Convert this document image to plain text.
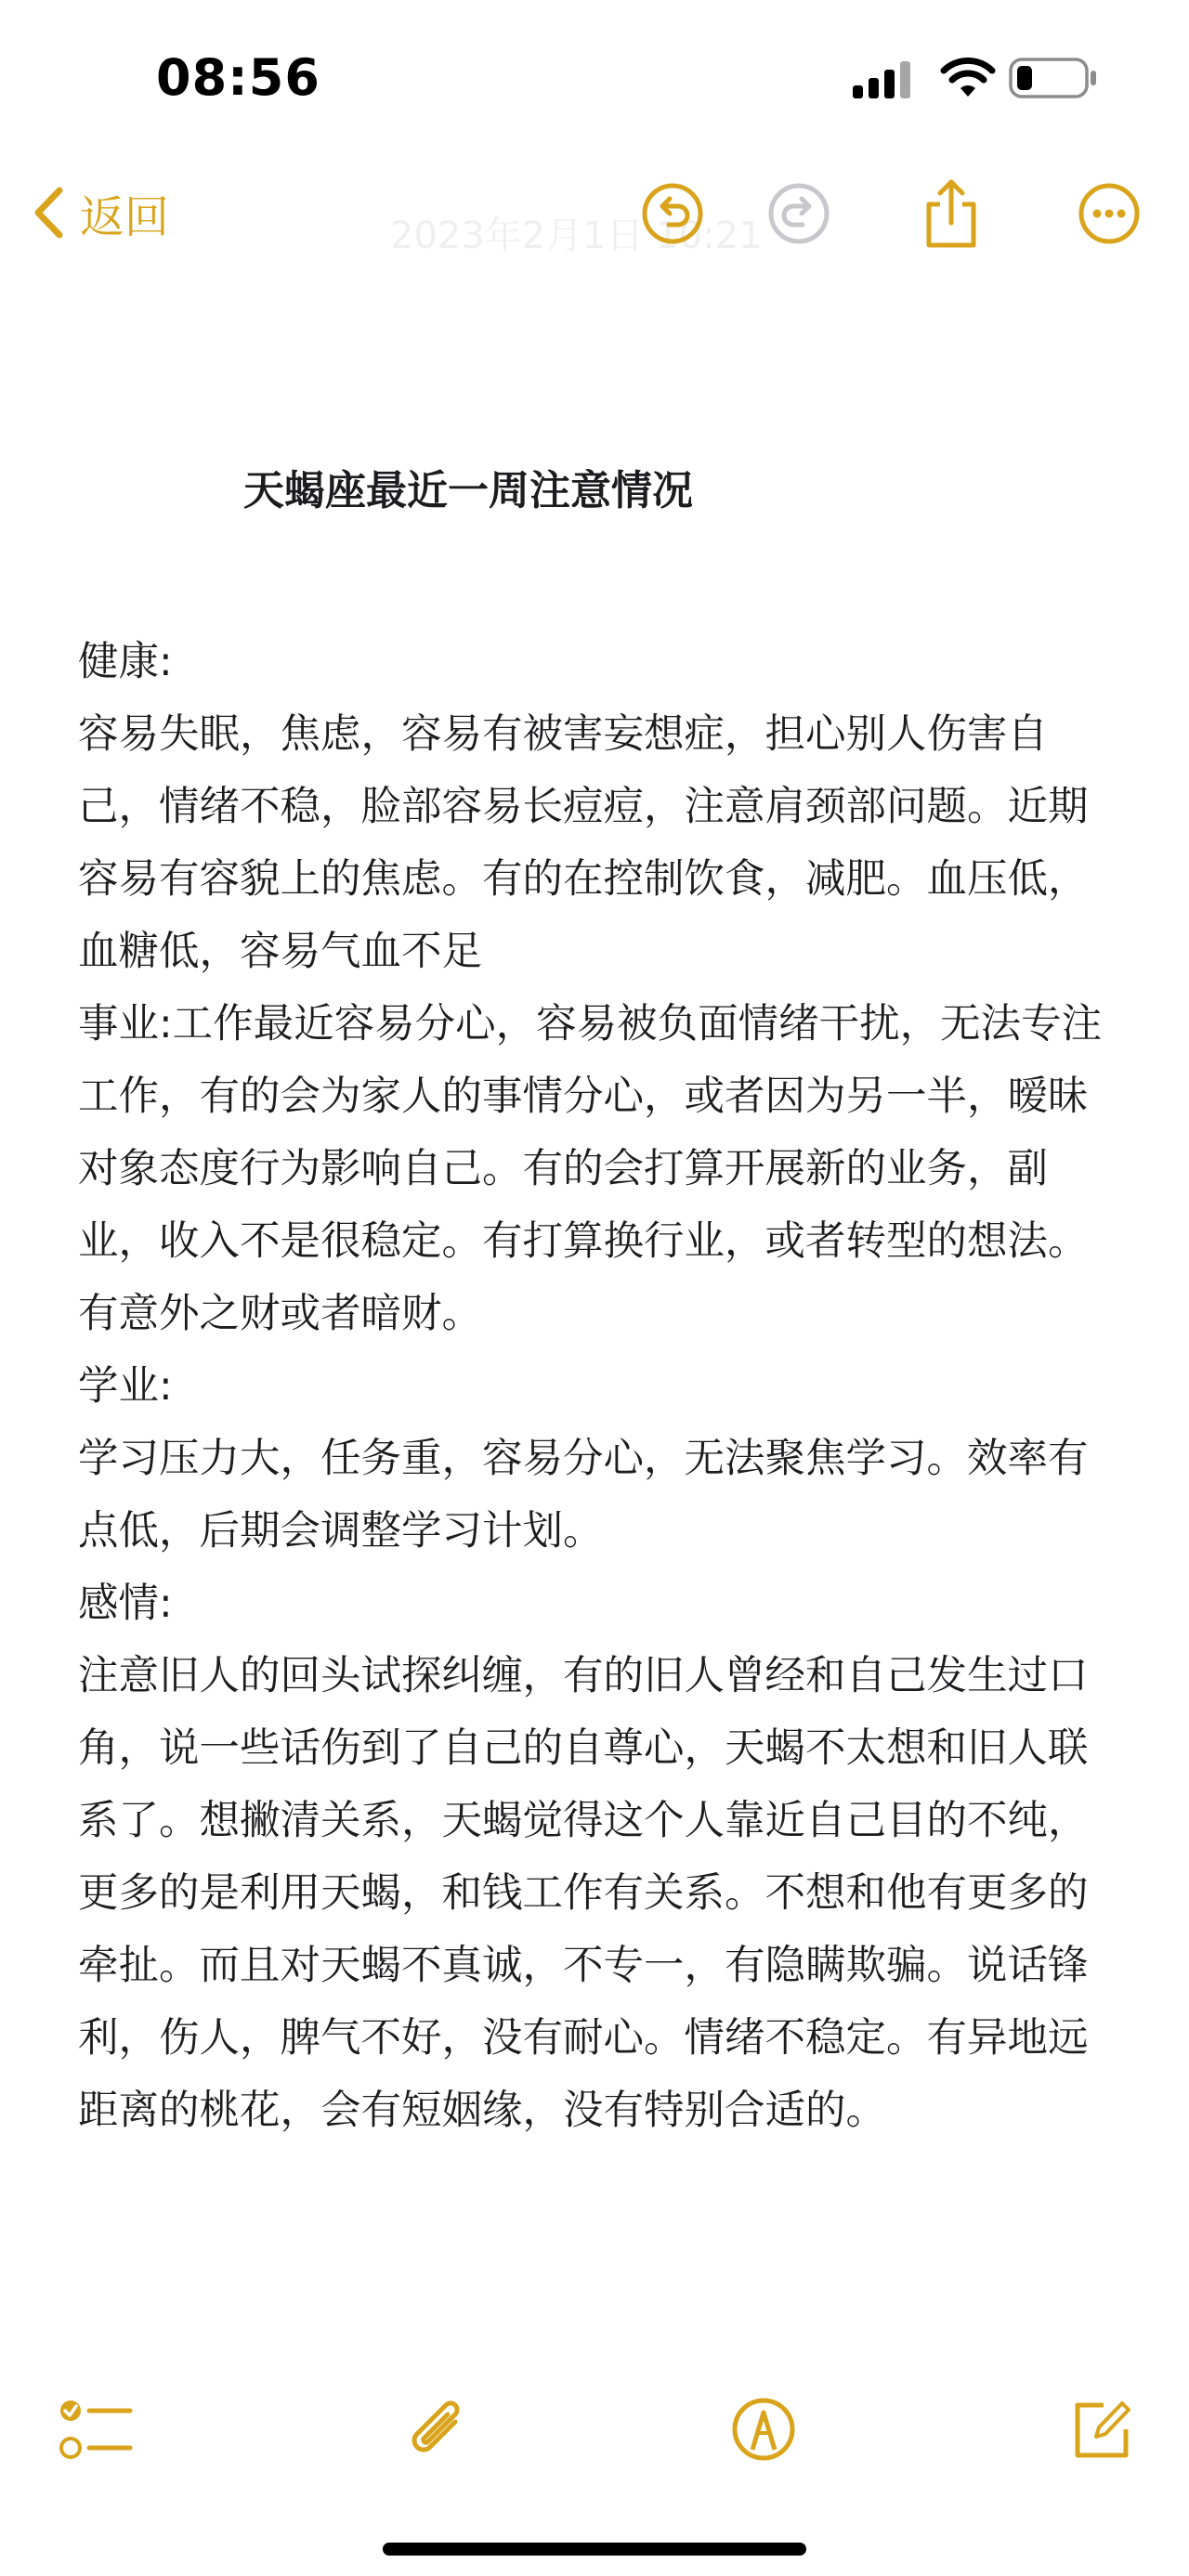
08:56
2023年2月1日 10:21
返回
天蝎座最近一周注意情况
健康:
容易失眠，焦虑，容易有被害妄想症，担心别人伤害自己，情绪不稳，脸部容易长痘痘，注意肩颈部问题。近期容易有容貌上的焦虑。有的在控制饮食，减肥。血压低，血糖低，容易气血不足
事业:工作最近容易分心，容易被负面情绪干扰，无法专注工作，有的会为家人的事情分心，或者因为另一半，暧昧对象态度行为影响自己。有的会打算开展新的业务，副业，收入不是很稳定。有打算换行业，或者转型的想法。有意外之财或者暗财。
学业:
学习压力大，任务重，容易分心，无法聚焦学习。效率有点低，后期会调整学习计划。
感情:
注意旧人的回头试探纠缠，有的旧人曾经和自己发生过口角，说一些话伤到了自己的自尊心，天蝎不太想和旧人联系了。想撇清关系，天蝎觉得这个人靠近自己目的不纯，更多的是利用天蝎，和钱工作有关系。不想和他有更多的牵扯。而且对天蝎不真诚，不专一，有隐瞒欺骗。说话锋利，伤人，脾气不好，没有耐心。情绪不稳定。有异地远距离的桃花，会有短姻缘，没有特别合适的。
